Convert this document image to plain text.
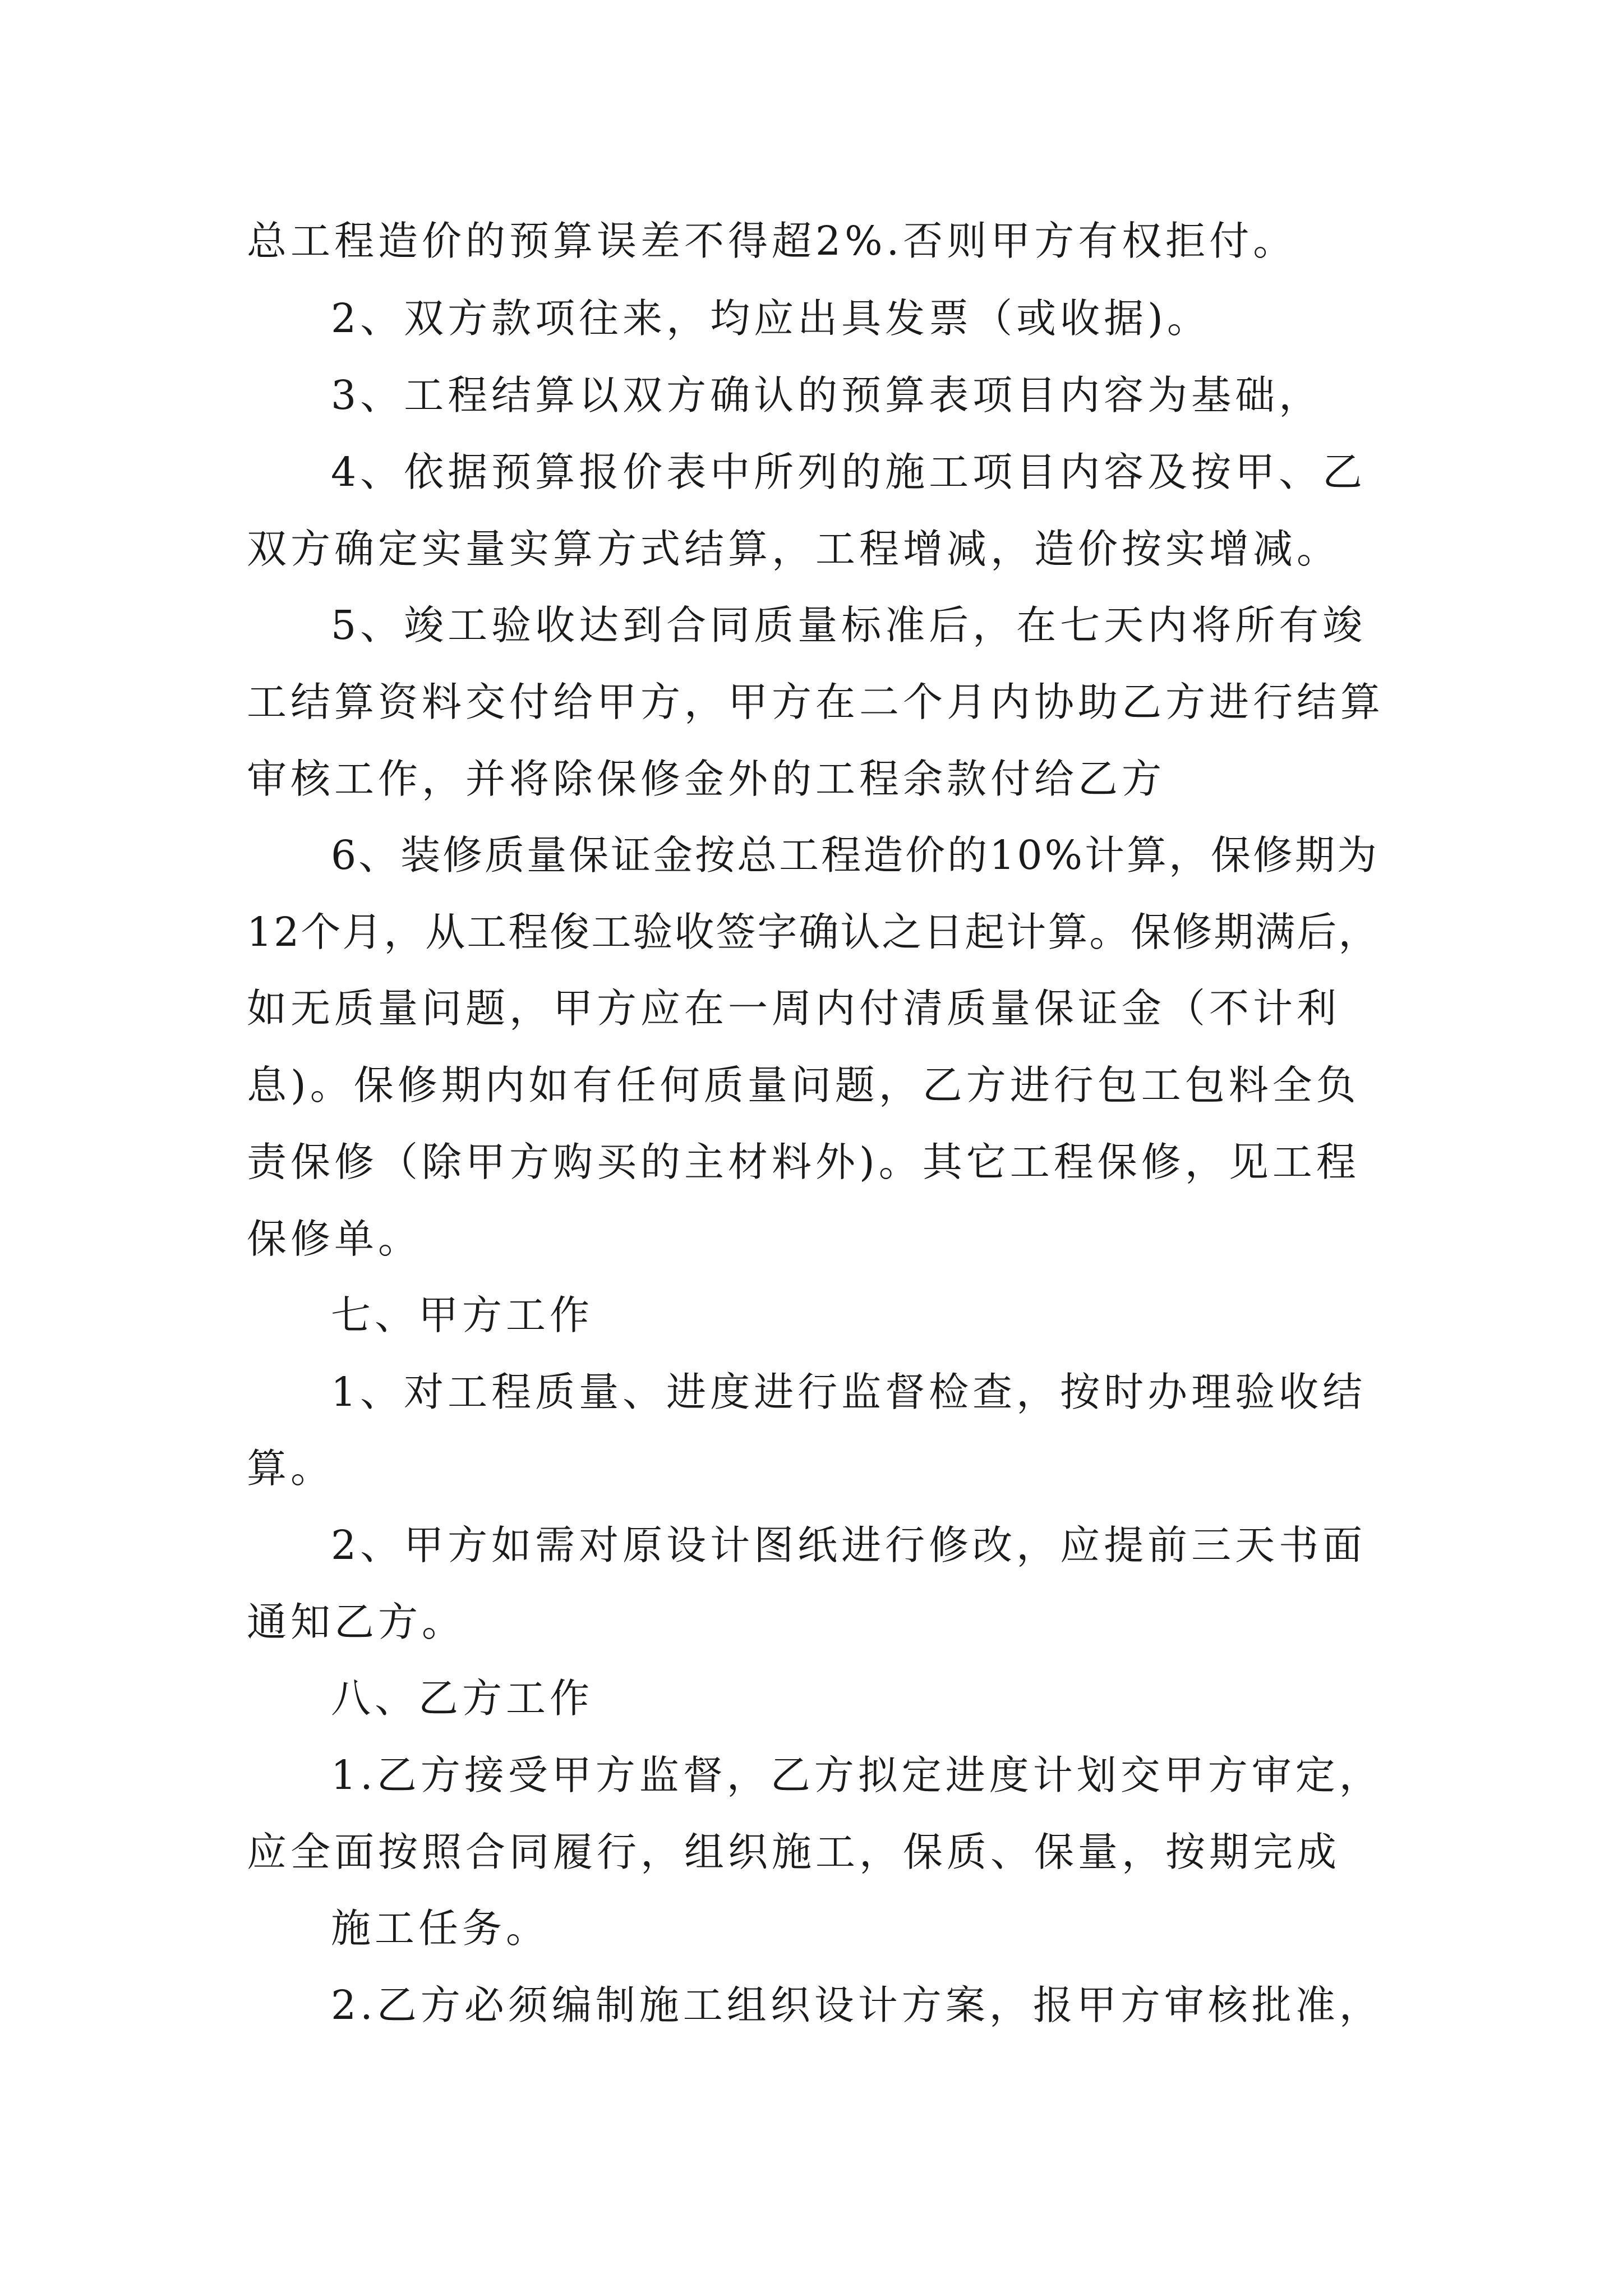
总工程造价的预算误差不得超2%.否则甲方有权拒付。
2、双方款项往来，均应出具发票（或收据)。
3、工程结算以双方确认的预算表项目内容为基础，
4、依据预算报价表中所列的施工项目内容及按甲、乙
双方确定实量实算方式结算，工程增减，造价按实增减。
5、竣工验收达到合同质量标准后，在七天内将所有竣
工结算资料交付给甲方，甲方在二个月内协助乙方进行结算
审核工作，并将除保修金外的工程余款付给乙方
6、装修质量保证金按总工程造价的10%计算，保修期为
12个月，从工程俊工验收签字确认之日起计算。保修期满后，
如无质量问题，甲方应在一周内付清质量保证金（不计利
息)。保修期内如有任何质量问题，乙方进行包工包料全负
责保修（除甲方购买的主材料外)。其它工程保修，见工程
保修单。
七、甲方工作
1、对工程质量、进度进行监督检查，按时办理验收结
算。
2、甲方如需对原设计图纸进行修改，应提前三天书面
通知乙方。
八、乙方工作
1.乙方接受甲方监督，乙方拟定进度计划交甲方审定，
应全面按照合同履行，组织施工，保质、保量，按期完成
施工任务。
2.乙方必须编制施工组织设计方案，报甲方审核批准，
